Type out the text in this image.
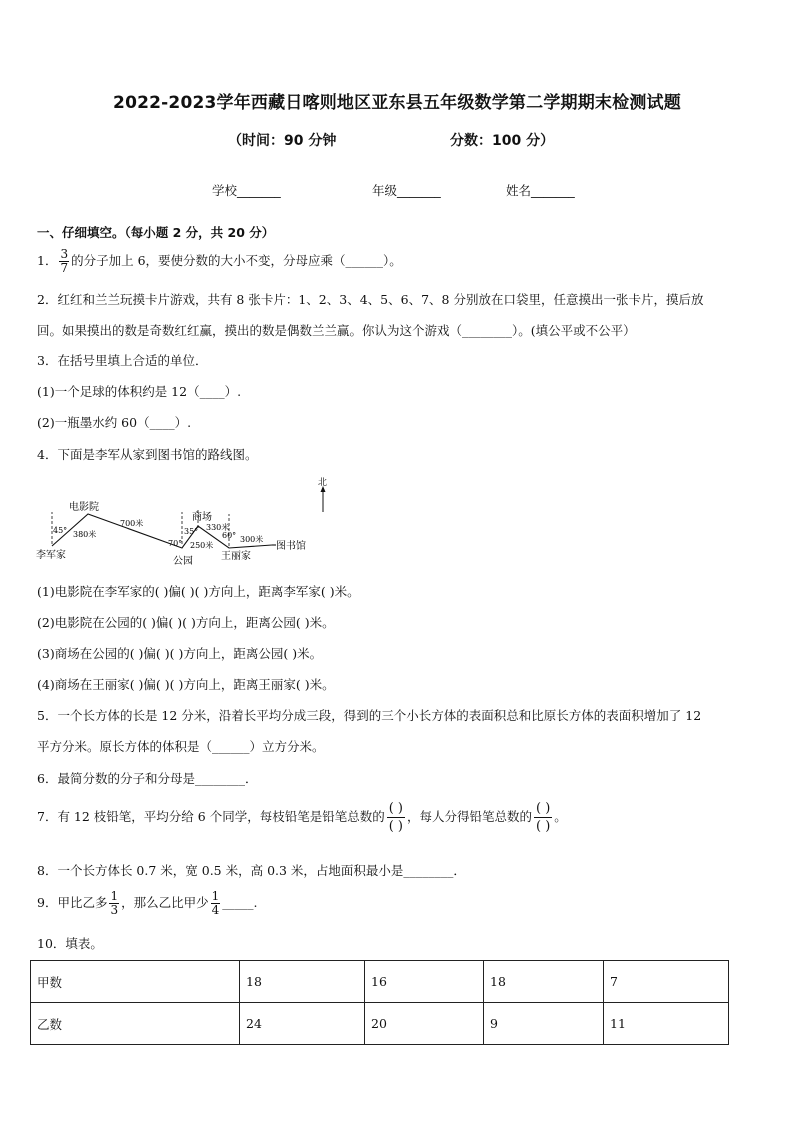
2022-2023学年西藏日喀则地区亚东县五年级数学第二学期期末检测试题
（时间：90 分钟	分数：100 分）
学校_______	年级_______	姓名_______
一、仔细填空。（每小题 2 分，共 20 分）
1． $\frac{3}{7}$ 的分子加上 6，要使分数的大小不变，分母应乘（______）。
2．红红和兰兰玩摸卡片游戏，共有 8 张卡片：1、2、3、4、5、6、7、8 分别放在口袋里，任意摸出一张卡片，摸后放
回。如果摸出的数是奇数红红赢，摸出的数是偶数兰兰赢。你认为这个游戏（________）。(填公平或不公平）
3．在括号里填上合适的单位．
(1)一个足球的体积约是 12（____）.
(2)一瓶墨水约 60（____）.
4．下面是李军从家到图书馆的路线图。
北
电影院
李军家
公园
商场
王丽家
图书馆
380米
700米
250米
330米
300米
45°
70°
35°	60°
(1)电影院在李军家的( )偏( )( )方向上，距离李军家( )米。
(2)电影院在公园的( )偏( )( )方向上，距离公园( )米。
(3)商场在公园的( )偏( )( )方向上，距离公园( )米。
(4)商场在王丽家( )偏( )( )方向上，距离王丽家( )米。
5．一个长方体的长是 12 分米，沿着长平均分成三段，得到的三个小长方体的表面积总和比原长方体的表面积增加了 12
平方分米。原长方体的体积是（______）立方分米。
6．最简分数的分子和分母是________．
7．有 12 枝铅笔，平均分给 6 个同学，每枝铅笔是铅笔总数的
( )
( )
，每人分得铅笔总数的
( )
( )
。
8．一个长方体长 0.7 米，宽 0.5 米，高 0.3 米，占地面积最小是________．
9．甲比乙多 $\frac{1}{3}$ ，那么乙比甲少 $\frac{1}{4}$ _____.
10．填表。
甲数	18	16	18	7
乙数	24	20	9	11
